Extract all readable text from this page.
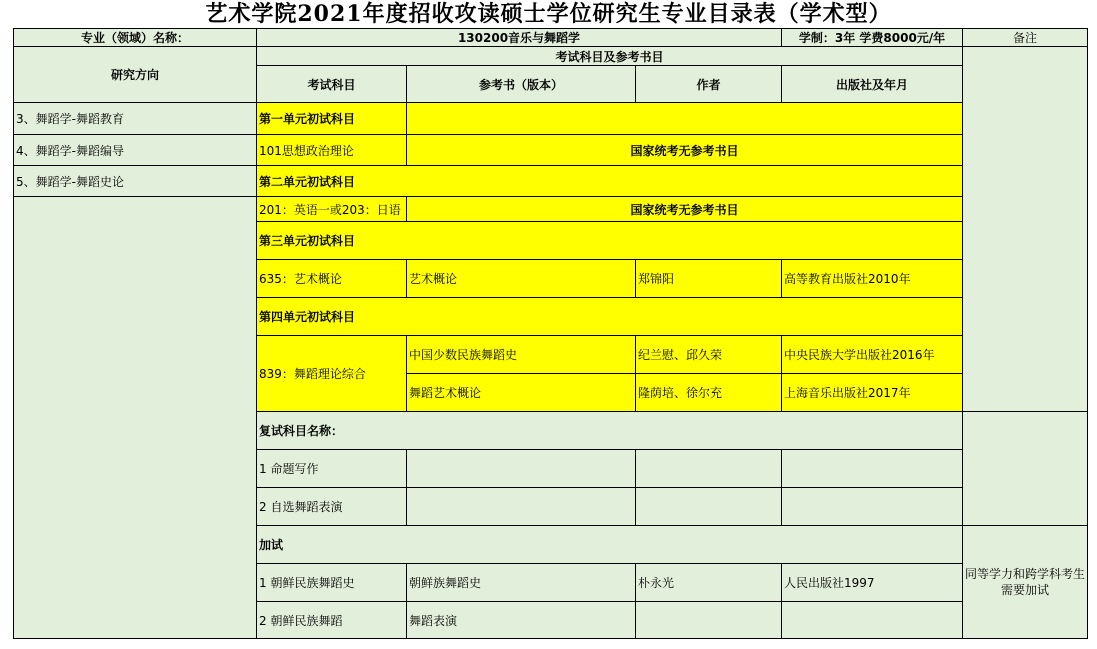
艺术学院2021年度招收攻读硕士学位研究生专业目录表（学术型）
专业（领域）名称：	130200音乐与舞蹈学			学制：3年 学费8000元/年	备注
研究方向	考试科目及参考书目				
	考试科目	参考书（版本）	作者	出版社及年月	
3、舞蹈学-舞蹈教育	第一单元初试科目				
4、舞蹈学-舞蹈编导	101思想政治理论	国家统考无参考书目			
5、舞蹈学-舞蹈史论	第二单元初试科目				
	201：英语一或203：日语	国家统考无参考书目			
	第三单元初试科目				
	635：艺术概论	艺术概论	郑锦阳	高等教育出版社2010年	
	第四单元初试科目				
	839：舞蹈理论综合	中国少数民族舞蹈史	纪兰慰、邱久荣	中央民族大学出版社2016年	
		舞蹈艺术概论	隆荫培、徐尔充	上海音乐出版社2017年	
	复试科目名称：				
	1 命题写作				
	2 自选舞蹈表演				
	加试				同等学力和跨学科考生需要加试
	1 朝鲜民族舞蹈史	朝鲜族舞蹈史	朴永光	人民出版社1997	
	2 朝鲜民族舞蹈	舞蹈表演			
